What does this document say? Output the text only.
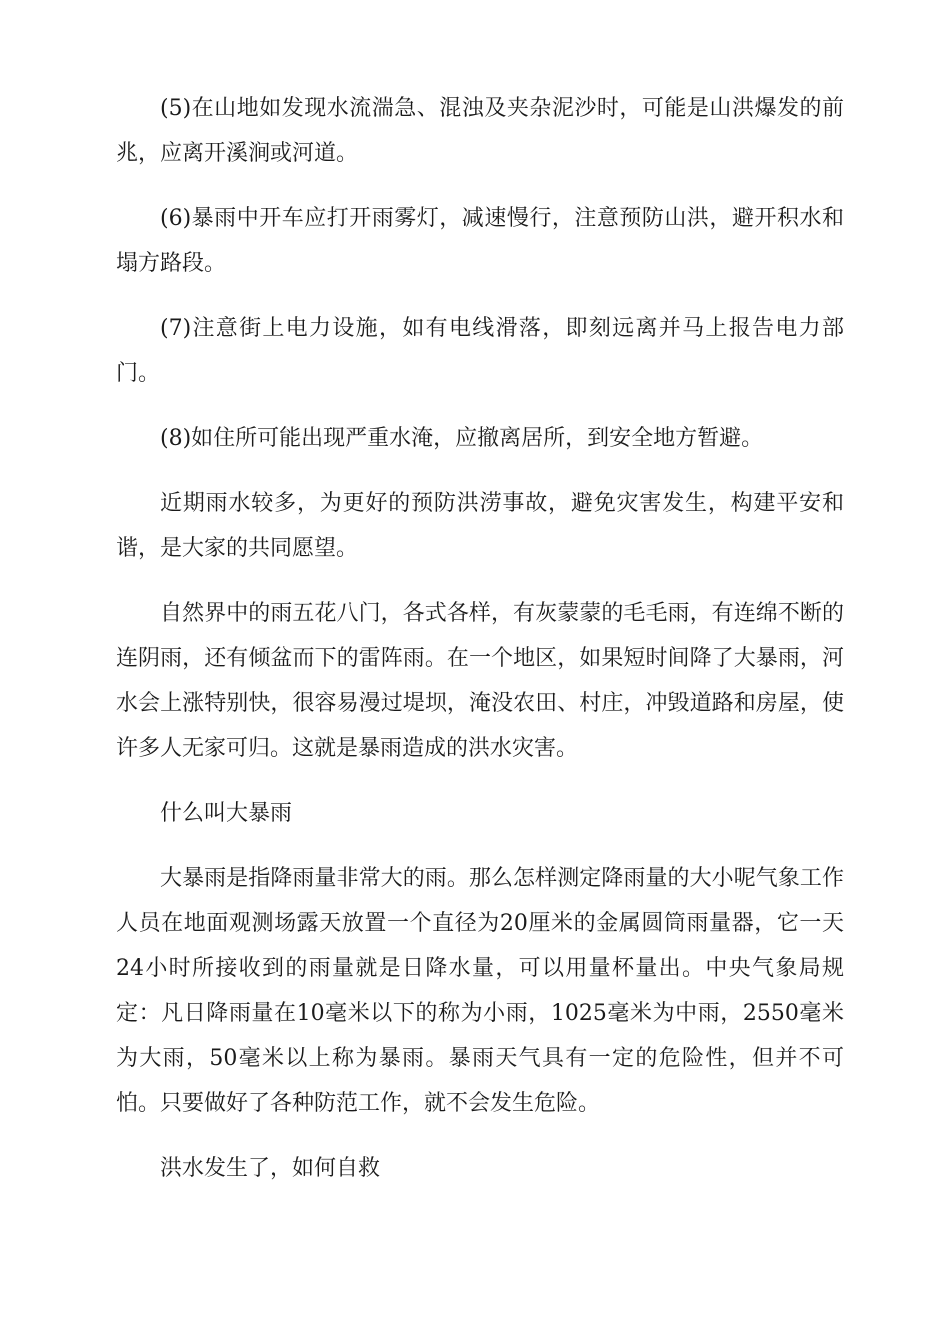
(5)在山地如发现水流湍急、混浊及夹杂泥沙时，可能是山洪爆发的前兆，应离开溪涧或河道。

(6)暴雨中开车应打开雨雾灯，减速慢行，注意预防山洪，避开积水和塌方路段。

(7)注意街上电力设施，如有电线滑落，即刻远离并马上报告电力部门。

(8)如住所可能出现严重水淹，应撤离居所，到安全地方暂避。

近期雨水较多，为更好的预防洪涝事故，避免灾害发生，构建平安和谐，是大家的共同愿望。

自然界中的雨五花八门，各式各样，有灰蒙蒙的毛毛雨，有连绵不断的连阴雨，还有倾盆而下的雷阵雨。在一个地区，如果短时间降了大暴雨，河水会上涨特别快，很容易漫过堤坝，淹没农田、村庄，冲毁道路和房屋，使许多人无家可归。这就是暴雨造成的洪水灾害。

什么叫大暴雨

大暴雨是指降雨量非常大的雨。那么怎样测定降雨量的大小呢气象工作人员在地面观测场露天放置一个直径为20厘米的金属圆筒雨量器，它一天24小时所接收到的雨量就是日降水量，可以用量杯量出。中央气象局规定：凡日降雨量在10毫米以下的称为小雨，1025毫米为中雨，2550毫米为大雨，50毫米以上称为暴雨。暴雨天气具有一定的危险性，但并不可怕。只要做好了各种防范工作，就不会发生危险。

洪水发生了，如何自救
